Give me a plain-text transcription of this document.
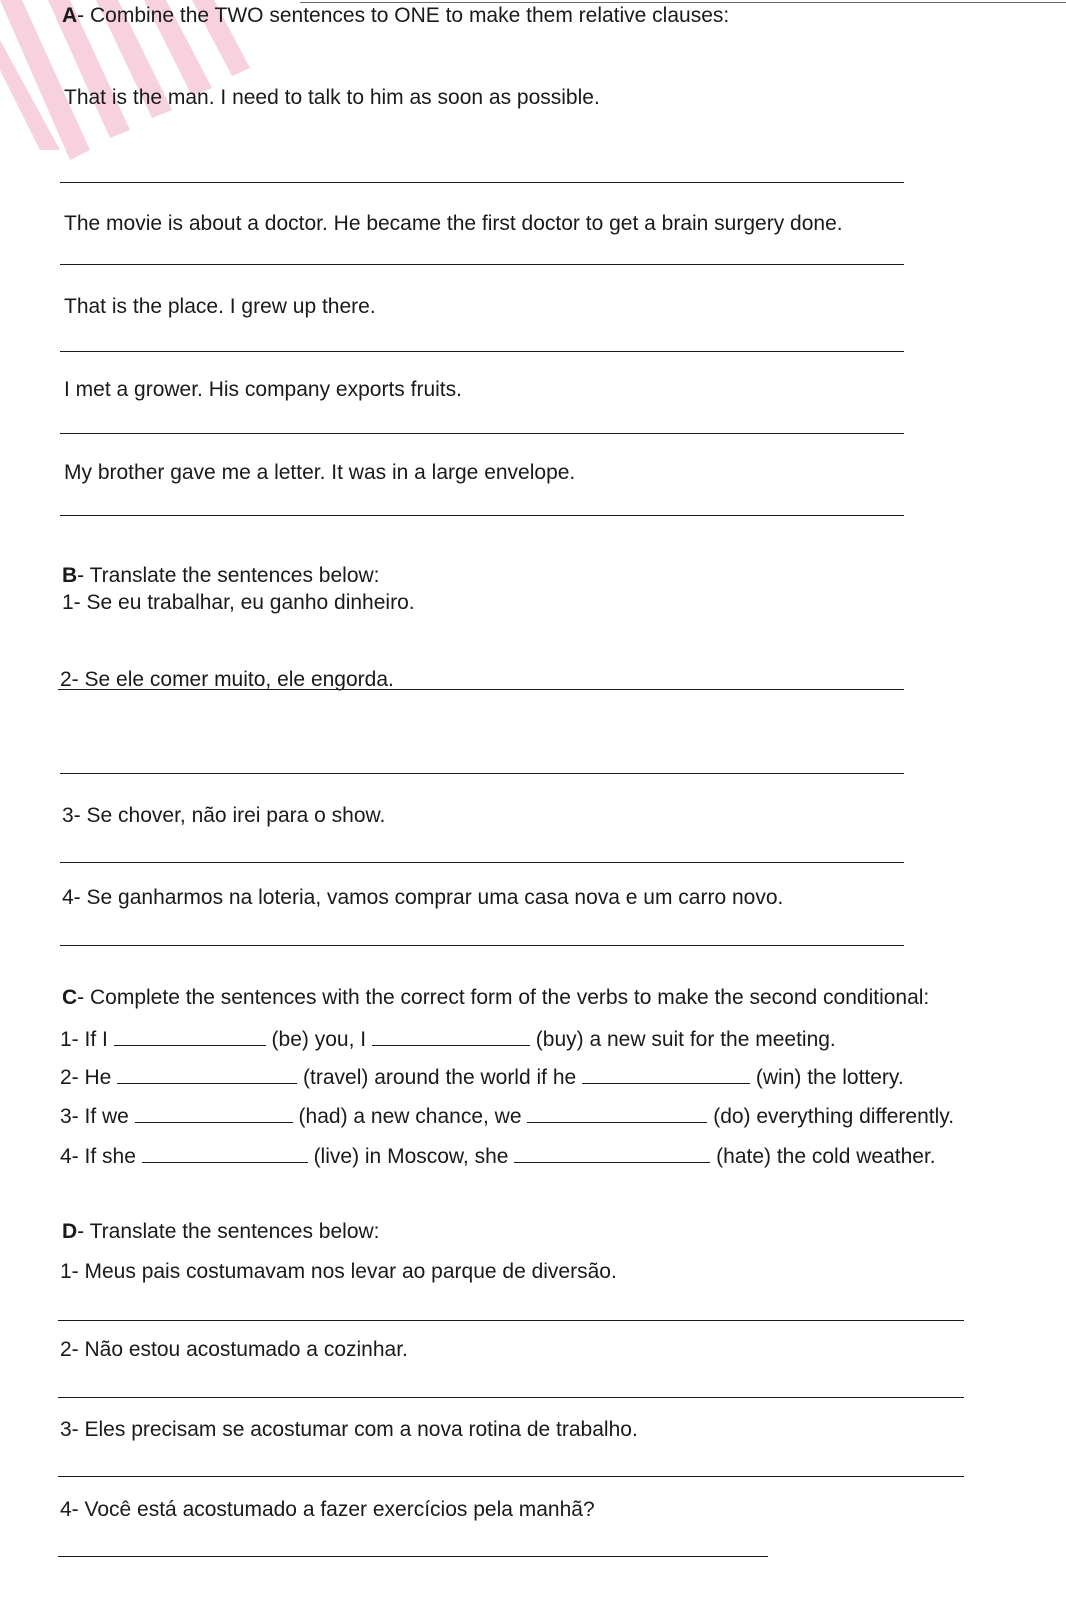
A- Combine the TWO sentences to ONE to make them relative clauses:
That is the man. I need to talk to him as soon as possible.
The movie is about a doctor. He became the first doctor to get a brain surgery done.
That is the place. I grew up there.
I met a grower. His company exports fruits.
My brother gave me a letter. It was in a large envelope.
B- Translate the sentences below:
1- Se eu trabalhar, eu ganho dinheiro.
2- Se ele comer muito, ele engorda.
3- Se chover, não irei para o show.
4- Se ganharmos na loteria, vamos comprar uma casa nova e um carro novo.
C- Complete the sentences with the correct form of the verbs to make the second conditional:
1- If I	(be) you, I	(buy) a new suit for the meeting.
2- He	(travel) around the world if he	(win) the lottery.
3- If we	(had) a new chance, we	(do) everything differently.
4- If she	(live) in Moscow, she	(hate) the cold weather.
D- Translate the sentences below:
1- Meus pais costumavam nos levar ao parque de diversão.
2- Não estou acostumado a cozinhar.
3- Eles precisam se acostumar com a nova rotina de trabalho.
4- Você está acostumado a fazer exercícios pela manhã?
